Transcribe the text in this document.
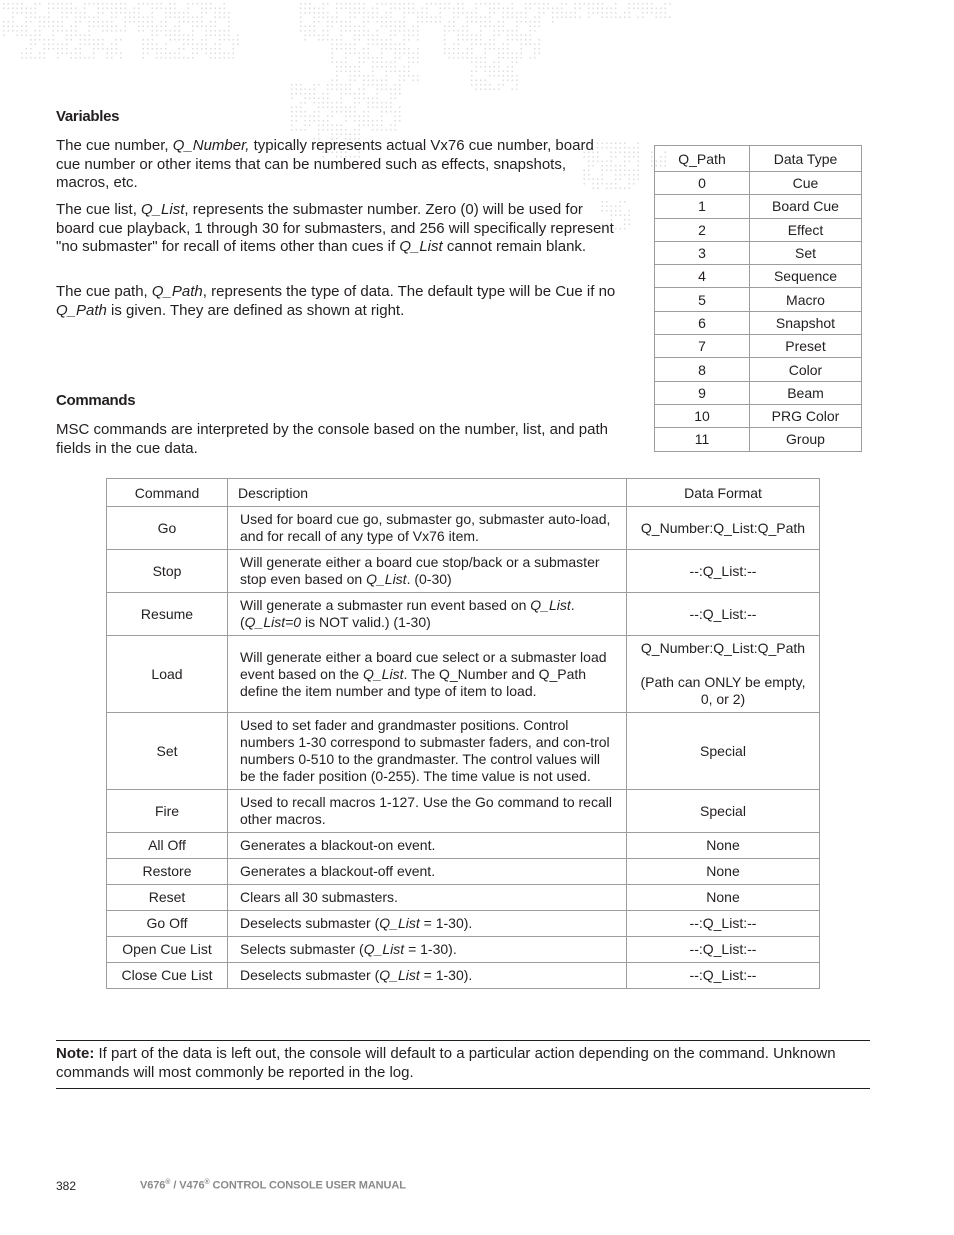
Variables
The cue number, Q_Number, typically represents actual Vx76 cue number, board cue number or other items that can be numbered such as effects, snapshots, macros, etc.
The cue list, Q_List, represents the submaster number. Zero (0) will be used for board cue playback, 1 through 30 for submasters, and 256 will specifically represent "no submaster" for recall of items other than cues if Q_List cannot remain blank.
The cue path, Q_Path, represents the type of data. The default type will be Cue if no Q_Path is given. They are defined as shown at right.
Q_Path	Data Type
0	Cue
1	Board Cue
2	Effect
3	Set
4	Sequence
5	Macro
6	Snapshot
7	Preset
8	Color
9	Beam
10	PRG Color
11	Group
Commands
MSC commands are interpreted by the console based on the number, list, and path fields in the cue data.
Command	Description	Data Format
Go	Used for board cue go, submaster go, submaster auto-load, and for recall of any type of Vx76 item.	Q_Number:Q_List:Q_Path

Stop	Will generate either a board cue stop/back or a submaster stop even based on Q_List. (0-30)	--:Q_List:--

Resume	Will generate a submaster run event based on Q_List. (Q_List=0 is NOT valid.) (1-30)	--:Q_List:--

Load	Will generate either a board cue select or a submaster load event based on the Q_List. The Q_Number and Q_Path define the item number and type of item to load.	Q_Number:Q_List:Q_Path
(Path can ONLY be empty, 0, or 2)

Set	Used to set fader and grandmaster positions. Control numbers 1-30 correspond to submaster faders, and con-trol numbers 0-510 to the grandmaster. The control values will be the fader position (0-255). The time value is not used.	Special

Fire	Used to recall macros 1-127. Use the Go command to recall other macros.	Special

All Off	Generates a blackout-on event.	None

Restore	Generates a blackout-off event.	None

Reset	Clears all 30 submasters.	None

Go Off	Deselects submaster (Q_List = 1-30).	--:Q_List:--

Open Cue List	Selects submaster (Q_List = 1-30).	--:Q_List:--

Close Cue List	Deselects submaster (Q_List = 1-30).	--:Q_List:--
Note: If part of the data is left out, the console will default to a particular action depending on the command. Unknown commands will most commonly be reported in the log.
382	V676® / V476® CONTROL CONSOLE USER MANUAL
